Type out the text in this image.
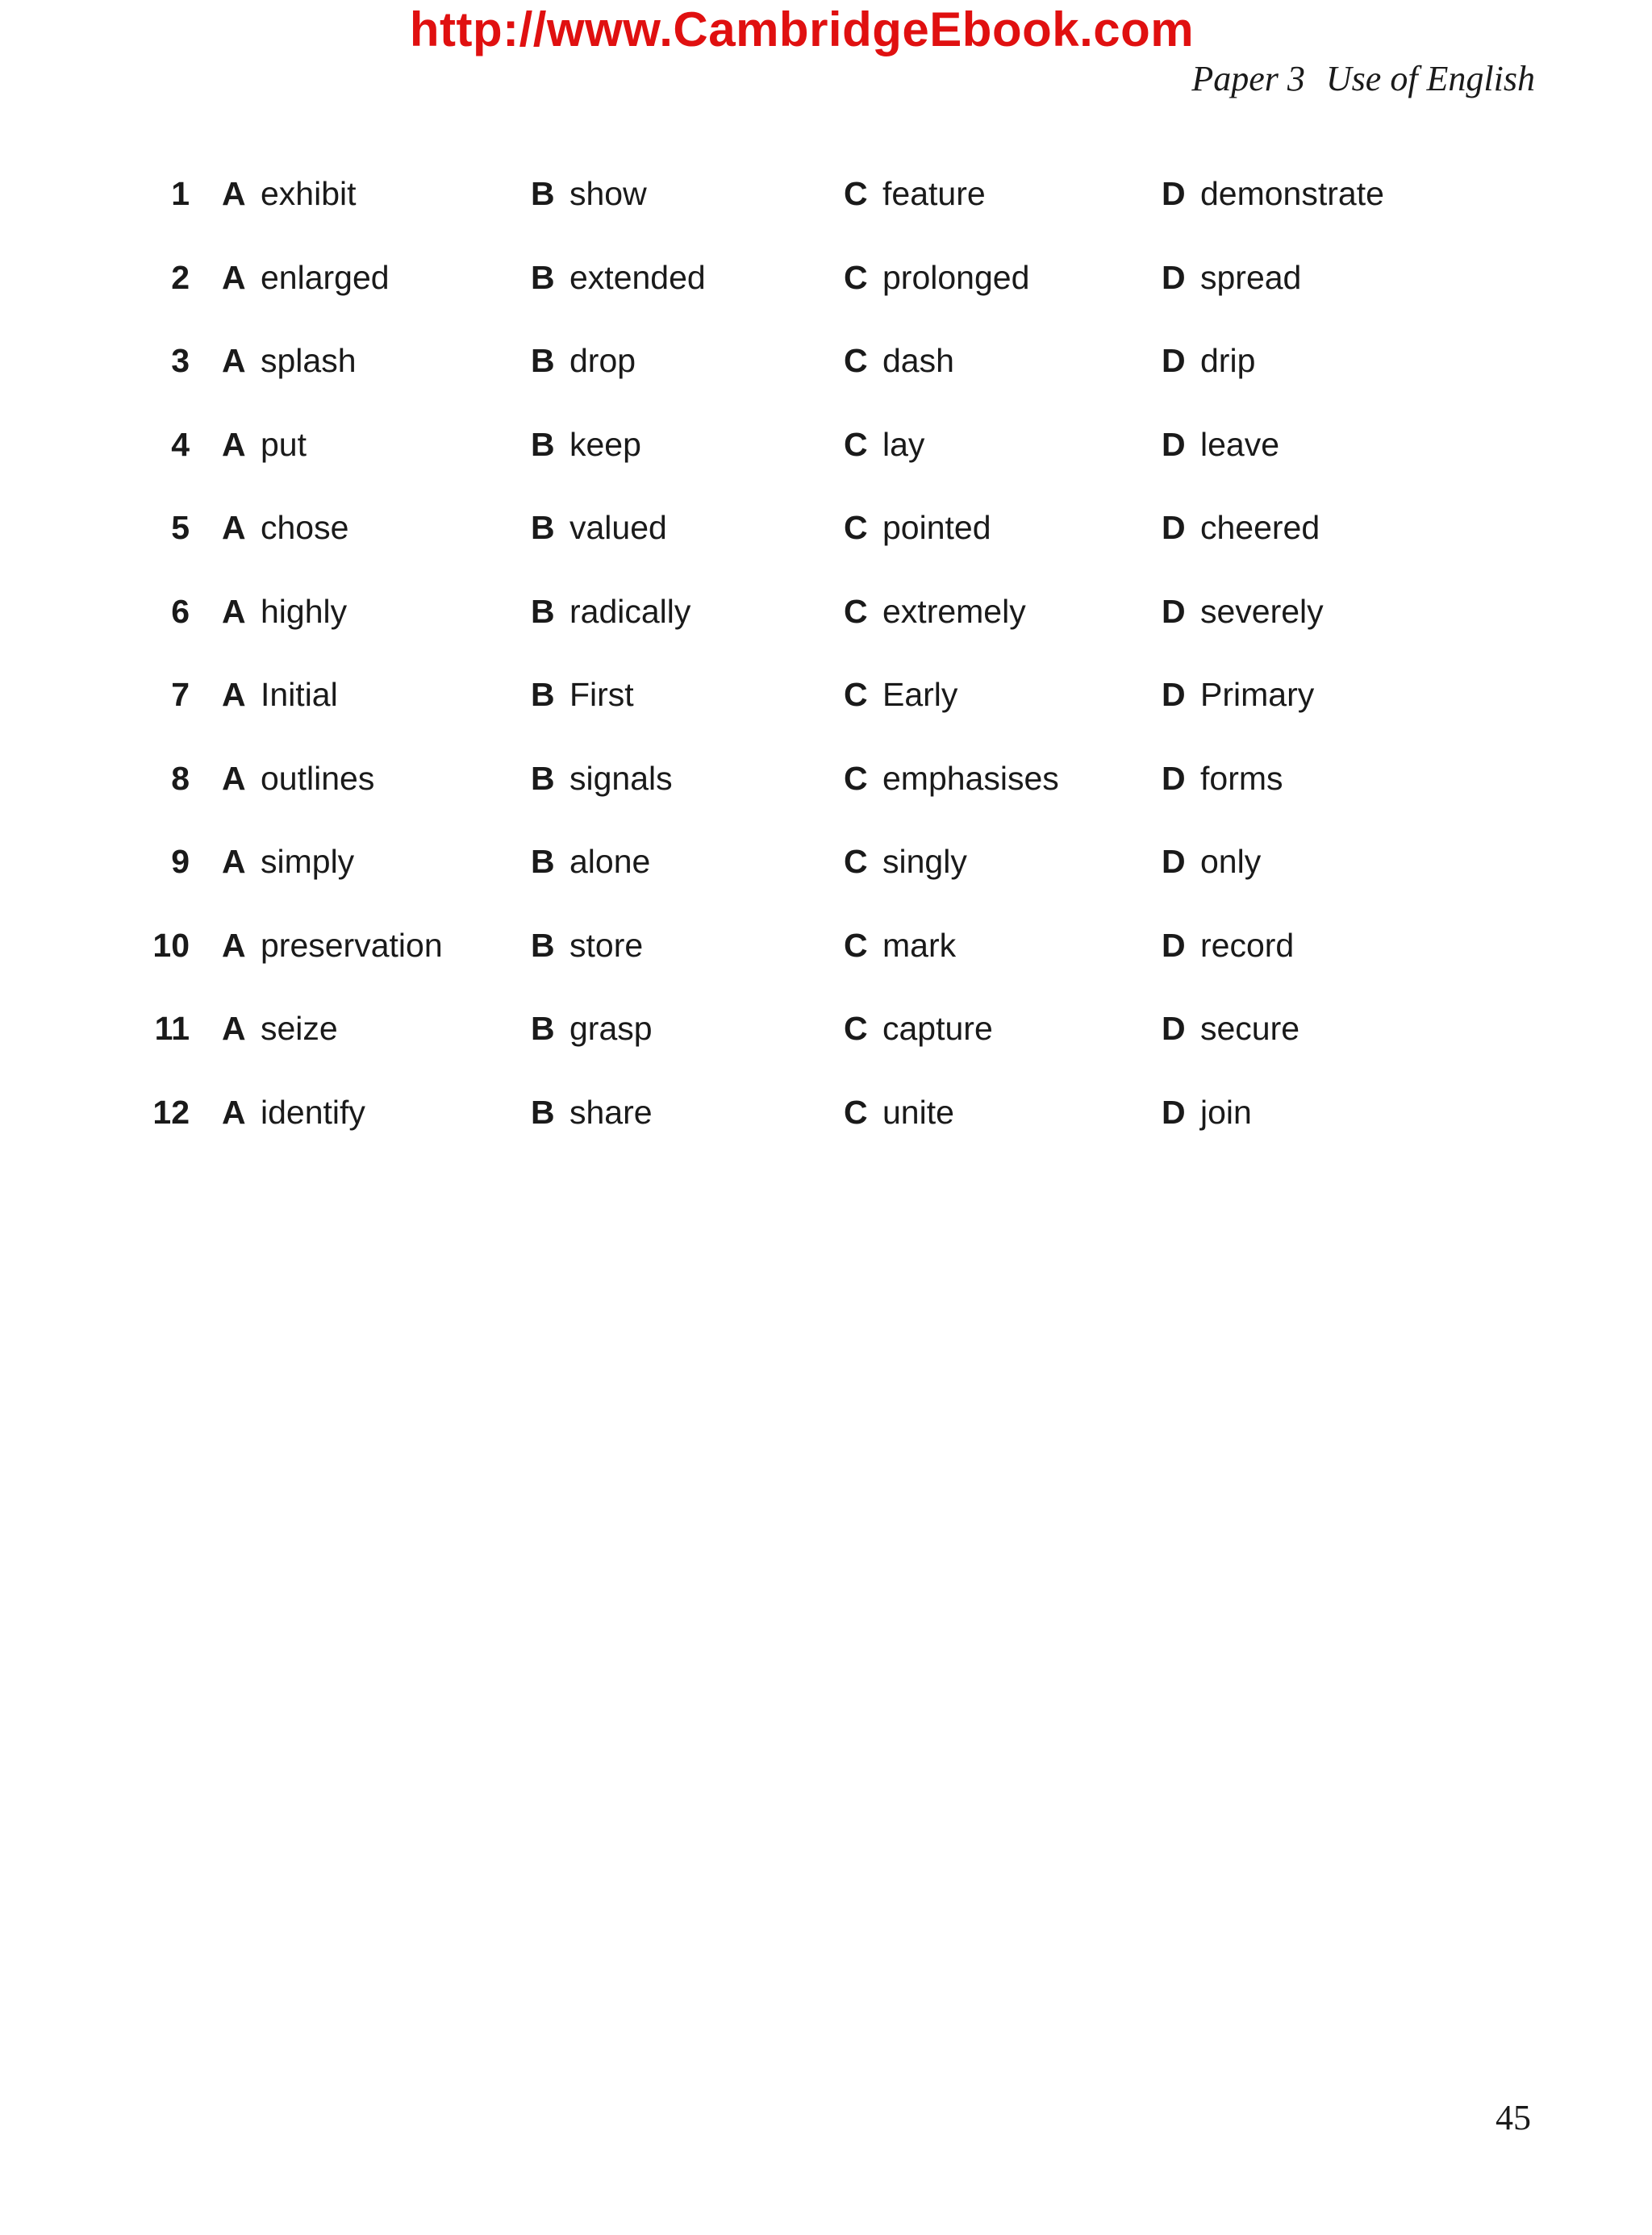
http://www.CambridgeEbook.com
Paper 3 Use of English
1 A exhibit	B show	C feature	D demonstrate
2 A enlarged	B extended	C prolonged	D spread
3 A splash	B drop	C dash	D drip
4 A put	B keep	C lay	D leave
5 A chose	B valued	C pointed	D cheered
6 A highly	B radically	C extremely	D severely
7 A Initial	B First	C Early	D Primary
8 A outlines	B signals	C emphasises	D forms
9 A simply	B alone	C singly	D only
10 A preservation	B store	C mark	D record
11 A seize	B grasp	C capture	D secure
12 A identify	B share	C unite	D join
45
